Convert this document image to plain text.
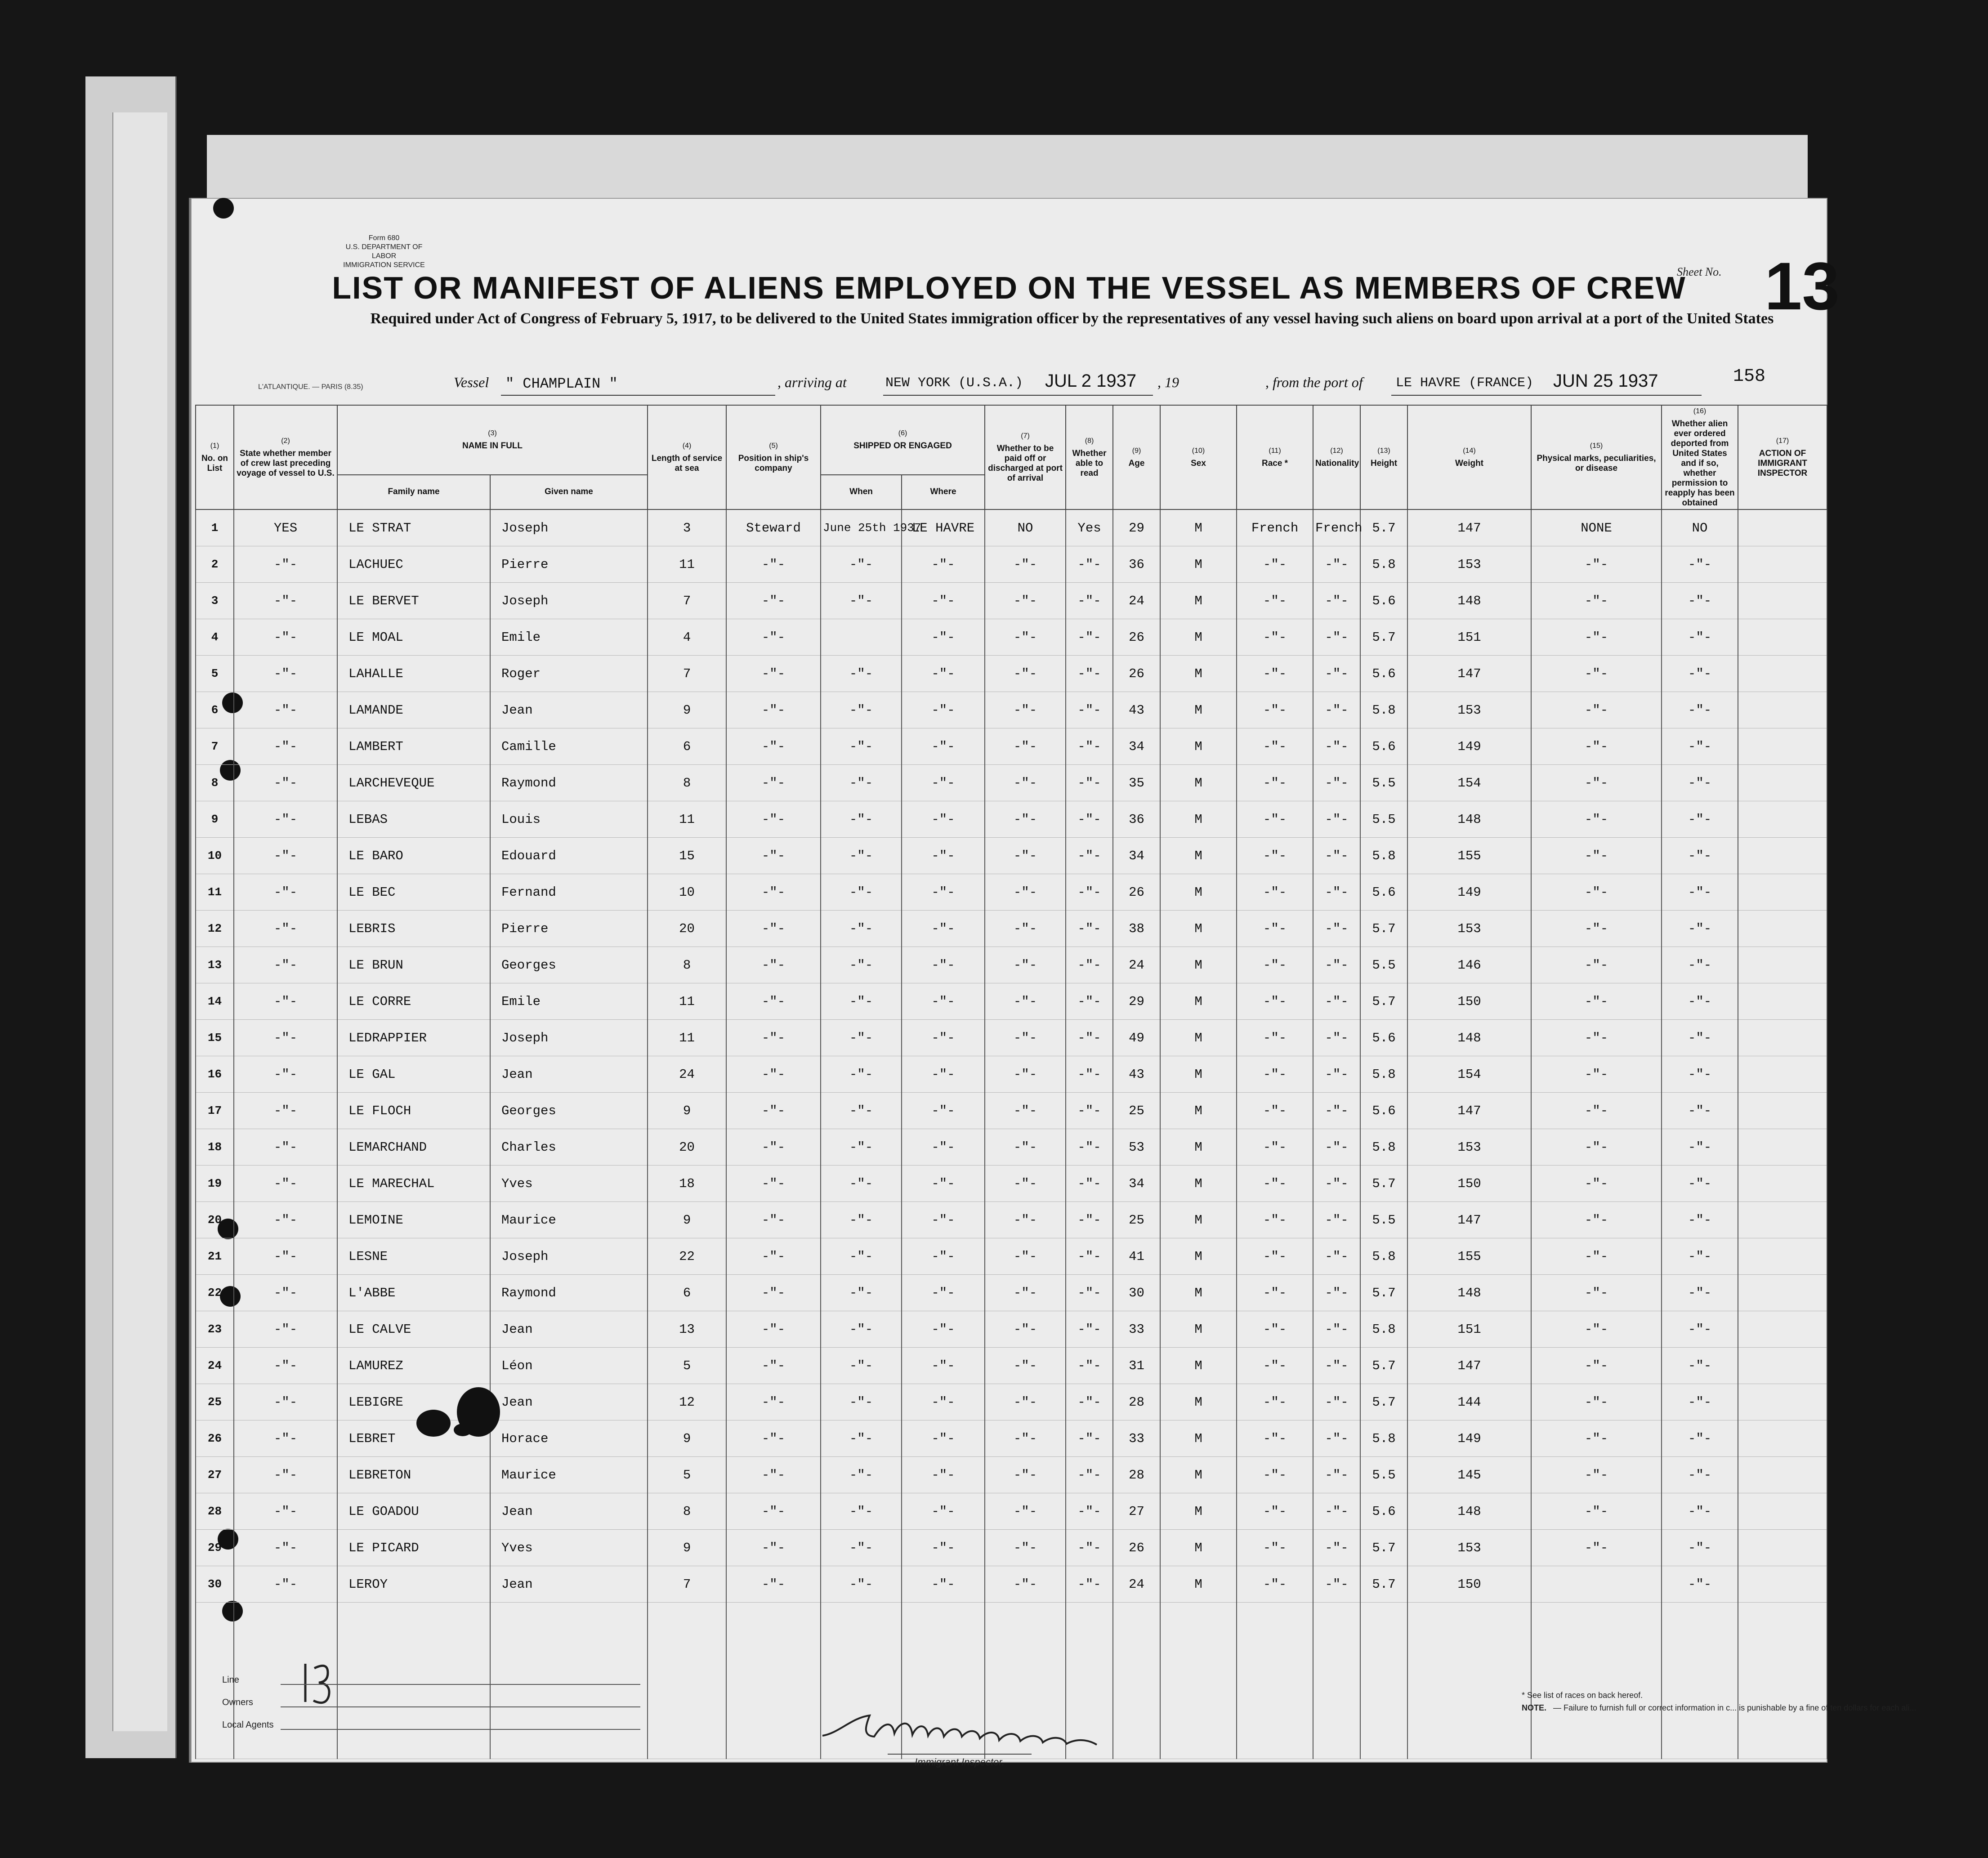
Form 680
U.S. DEPARTMENT OF LABOR
IMMIGRATION SERVICE
LIST OR MANIFEST OF ALIENS EMPLOYED ON THE VESSEL AS MEMBERS OF CREW
Sheet No. 13
Required under Act of Congress of February 5, 1917, to be delivered to the United States immigration officer by the representatives of any vessel having such aliens on board upon arrival at a port of the United States
L'ATLANTIQUE. — PARIS (8.35)	Vessel " CHAMPLAIN "	, arriving at	NEW YORK (U.S.A.) JUL 2 1937 , 19	, from the port of LE HAVRE (FRANCE) JUN 25 1937	158
(1)
No. on List	(2)
State whether member of crew last preceding voyage of vessel to U.S.	(3)
NAME IN FULL		(4)
Length of service at sea	(5)
Position in ship's company	(6)
SHIPPED OR ENGAGED		(7)
Whether to be paid off or discharged at port of arrival	(8)
Whether able to read	(9)
Age	(10)
Sex	(11)
Race *	(12)
Nationality	(13)
Height	(14)
Weight	(15)
Physical marks, peculiarities, or disease	(16)
Whether alien ever ordered deported from United States and if so, whether permission to reapply has been obtained	(17)
ACTION OF IMMIGRANT INSPECTOR
		Family name	Given name			When	Where											
1	YES	LE STRAT	Joseph	3	Steward	June 25th 1937	LE HAVRE	NO	Yes	29	M	French	French	5.7	147	NONE	NO	
2	-"-	LACHUEC	Pierre	11	-"-	-"-	-"-	-"-	-"-	36	M	-"-	-"-	5.8	153	-"-	-"-	
3	-"-	LE BERVET	Joseph	7	-"-	-"-	-"-	-"-	-"-	24	M	-"-	-"-	5.6	148	-"-	-"-	
4	-"-	LE MOAL	Emile	4	-"-		-"-	-"-	-"-	26	M	-"-	-"-	5.7	151	-"-	-"-	
5	-"-	LAHALLE	Roger	7	-"-	-"-	-"-	-"-	-"-	26	M	-"-	-"-	5.6	147	-"-	-"-	
6	-"-	LAMANDE	Jean	9	-"-	-"-	-"-	-"-	-"-	43	M	-"-	-"-	5.8	153	-"-	-"-	
7	-"-	LAMBERT	Camille	6	-"-	-"-	-"-	-"-	-"-	34	M	-"-	-"-	5.6	149	-"-	-"-	
8	-"-	LARCHEVEQUE	Raymond	8	-"-	-"-	-"-	-"-	-"-	35	M	-"-	-"-	5.5	154	-"-	-"-	
9	-"-	LEBAS	Louis	11	-"-	-"-	-"-	-"-	-"-	36	M	-"-	-"-	5.5	148	-"-	-"-	
10	-"-	LE BARO	Edouard	15	-"-	-"-	-"-	-"-	-"-	34	M	-"-	-"-	5.8	155	-"-	-"-	
11	-"-	LE BEC	Fernand	10	-"-	-"-	-"-	-"-	-"-	26	M	-"-	-"-	5.6	149	-"-	-"-	
12	-"-	LEBRIS	Pierre	20	-"-	-"-	-"-	-"-	-"-	38	M	-"-	-"-	5.7	153	-"-	-"-	
13	-"-	LE BRUN	Georges	8	-"-	-"-	-"-	-"-	-"-	24	M	-"-	-"-	5.5	146	-"-	-"-	
14	-"-	LE CORRE	Emile	11	-"-	-"-	-"-	-"-	-"-	29	M	-"-	-"-	5.7	150	-"-	-"-	
15	-"-	LEDRAPPIER	Joseph	11	-"-	-"-	-"-	-"-	-"-	49	M	-"-	-"-	5.6	148	-"-	-"-	
16	-"-	LE GAL	Jean	24	-"-	-"-	-"-	-"-	-"-	43	M	-"-	-"-	5.8	154	-"-	-"-	
17	-"-	LE FLOCH	Georges	9	-"-	-"-	-"-	-"-	-"-	25	M	-"-	-"-	5.6	147	-"-	-"-	
18	-"-	LEMARCHAND	Charles	20	-"-	-"-	-"-	-"-	-"-	53	M	-"-	-"-	5.8	153	-"-	-"-	
19	-"-	LE MARECHAL	Yves	18	-"-	-"-	-"-	-"-	-"-	34	M	-"-	-"-	5.7	150	-"-	-"-	
20	-"-	LEMOINE	Maurice	9	-"-	-"-	-"-	-"-	-"-	25	M	-"-	-"-	5.5	147	-"-	-"-	
21	-"-	LESNE	Joseph	22	-"-	-"-	-"-	-"-	-"-	41	M	-"-	-"-	5.8	155	-"-	-"-	
22	-"-	L'ABBE	Raymond	6	-"-	-"-	-"-	-"-	-"-	30	M	-"-	-"-	5.7	148	-"-	-"-	
23	-"-	LE CALVE	Jean	13	-"-	-"-	-"-	-"-	-"-	33	M	-"-	-"-	5.8	151	-"-	-"-	
24	-"-	LAMUREZ	Léon	5	-"-	-"-	-"-	-"-	-"-	31	M	-"-	-"-	5.7	147	-"-	-"-	
25	-"-	LEBIGRE	Jean	12	-"-	-"-	-"-	-"-	-"-	28	M	-"-	-"-	5.7	144	-"-	-"-	
26	-"-	LEBRET	Horace	9	-"-	-"-	-"-	-"-	-"-	33	M	-"-	-"-	5.8	149	-"-	-"-	
27	-"-	LEBRETON	Maurice	5	-"-	-"-	-"-	-"-	-"-	28	M	-"-	-"-	5.5	145	-"-	-"-	
28	-"-	LE GOADOU	Jean	8	-"-	-"-	-"-	-"-	-"-	27	M	-"-	-"-	5.6	148	-"-	-"-	
29	-"-	LE PICARD	Yves	9	-"-	-"-	-"-	-"-	-"-	26	M	-"-	-"-	5.7	153	-"-	-"-	
30	-"-	LEROY	Jean	7	-"-	-"-	-"-	-"-	-"-	24	M	-"-	-"-	5.7	150		-"-	

Line
Owners
Local Agents
Immigrant Inspector.
* See list of races on back hereof.
NOTE. — Failure to furnish full or correct information in c... is punishable by a fine of ten dollars for each ali...
